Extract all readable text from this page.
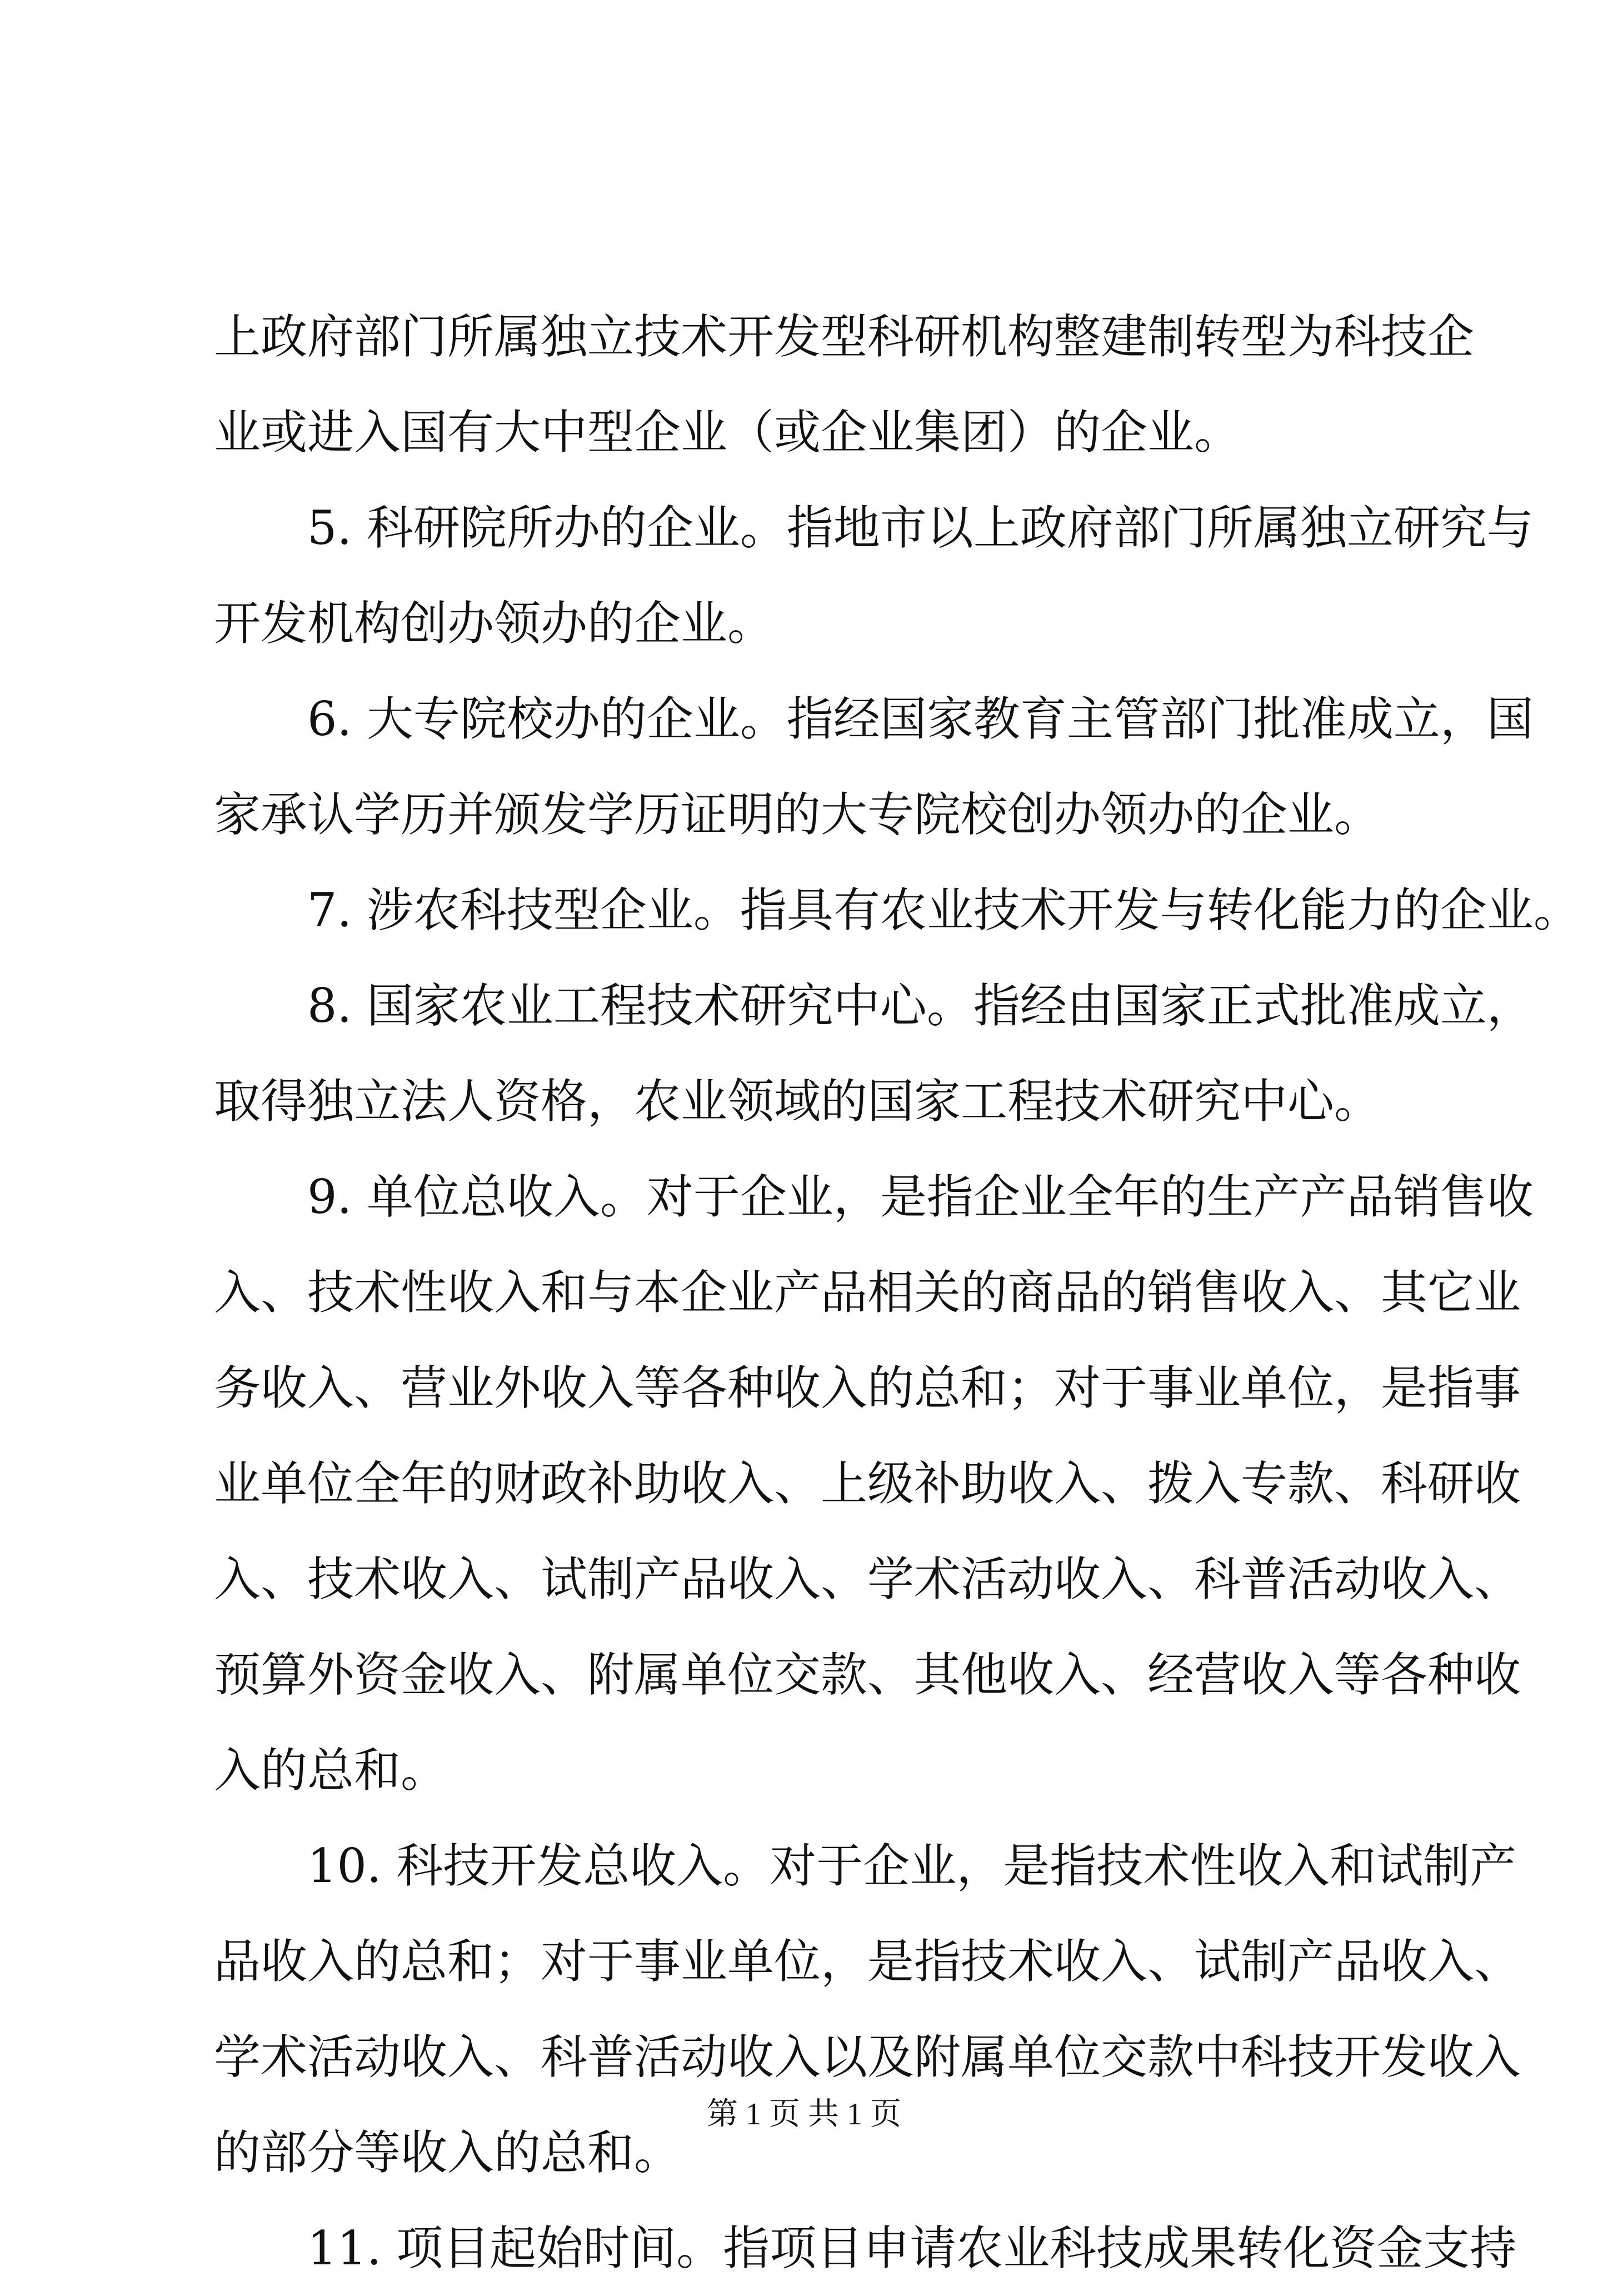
上政府部门所属独立技术开发型科研机构整建制转型为科技企
业或进入国有大中型企业（或企业集团）的企业。
5. 科研院所办的企业。指地市以上政府部门所属独立研究与
开发机构创办领办的企业。
6. 大专院校办的企业。指经国家教育主管部门批准成立，国
家承认学历并颁发学历证明的大专院校创办领办的企业。
7. 涉农科技型企业。指具有农业技术开发与转化能力的企业。
8. 国家农业工程技术研究中心。指经由国家正式批准成立，
取得独立法人资格，农业领域的国家工程技术研究中心。
9. 单位总收入。对于企业，是指企业全年的生产产品销售收
入、技术性收入和与本企业产品相关的商品的销售收入、其它业
务收入、营业外收入等各种收入的总和；对于事业单位，是指事
业单位全年的财政补助收入、上级补助收入、拨入专款、科研收
入、技术收入、试制产品收入、学术活动收入、科普活动收入、
预算外资金收入、附属单位交款、其他收入、经营收入等各种收
入的总和。
10. 科技开发总收入。对于企业，是指技术性收入和试制产
品收入的总和；对于事业单位，是指技术收入、试制产品收入、
学术活动收入、科普活动收入以及附属单位交款中科技开发收入
的部分等收入的总和。
11. 项目起始时间。指项目申请农业科技成果转化资金支持
第 1 页 共 1 页
